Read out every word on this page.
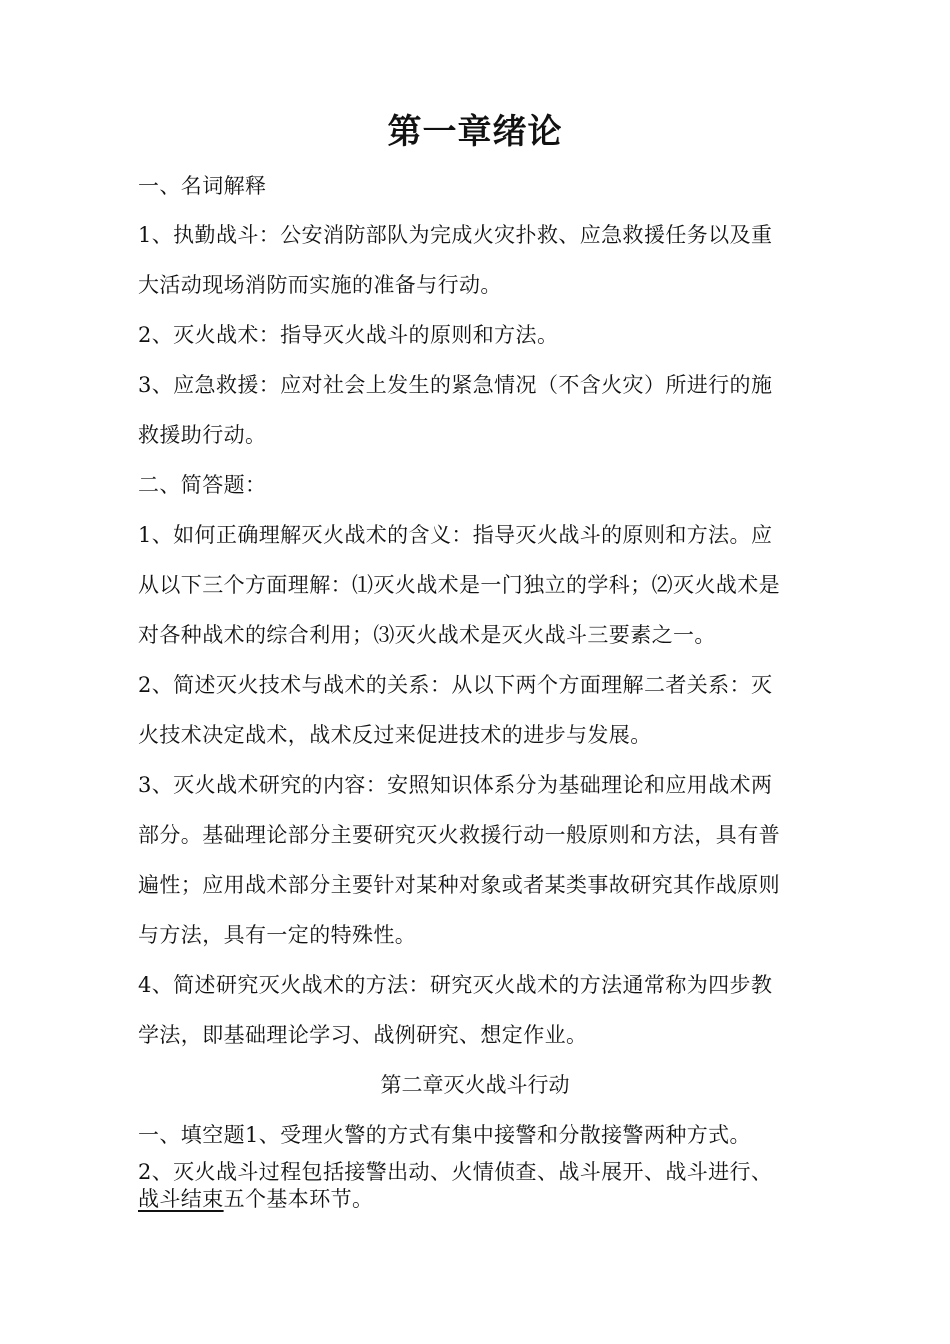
第一章绪论
一、名词解释
1、执勤战斗：公安消防部队为完成火灾扑救、应急救援任务以及重
大活动现场消防而实施的准备与行动。
2、灭火战术：指导灭火战斗的原则和方法。
3、应急救援：应对社会上发生的紧急情况（不含火灾）所进行的施
救援助行动。
二、简答题：
1、如何正确理解灭火战术的含义：指导灭火战斗的原则和方法。应
从以下三个方面理解：⑴灭火战术是一门独立的学科；⑵灭火战术是
对各种战术的综合利用；⑶灭火战术是灭火战斗三要素之一。
2、简述灭火技术与战术的关系：从以下两个方面理解二者关系：灭
火技术决定战术，战术反过来促进技术的进步与发展。
3、灭火战术研究的内容：安照知识体系分为基础理论和应用战术两
部分。基础理论部分主要研究灭火救援行动一般原则和方法，具有普
遍性；应用战术部分主要针对某种对象或者某类事故研究其作战原则
与方法，具有一定的特殊性。
4、简述研究灭火战术的方法：研究灭火战术的方法通常称为四步教
学法，即基础理论学习、战例研究、想定作业。
第二章灭火战斗行动
一、填空题1、受理火警的方式有集中接警和分散接警两种方式。
2、灭火战斗过程包括接警出动、火情侦查、战斗展开、战斗进行、
战斗结束五个基本环节。
